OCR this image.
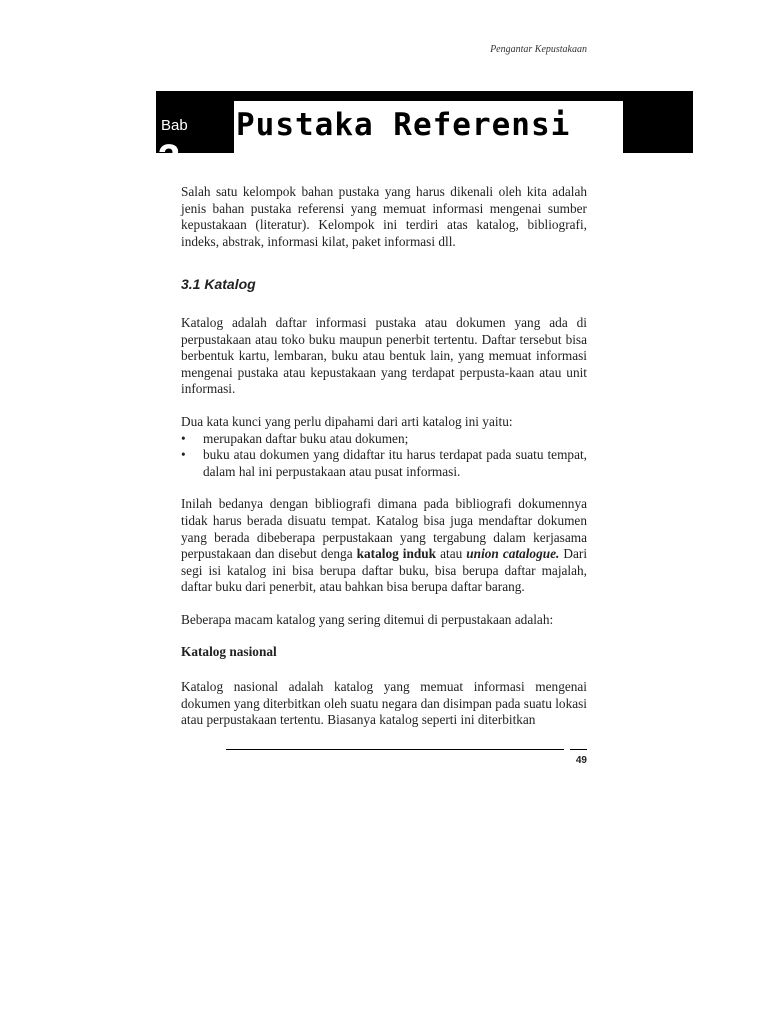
Pengantar Kepustakaan
Bab
3
Pustaka Referensi

Salah satu kelompok bahan pustaka yang harus dikenali oleh kita adalah jenis bahan pustaka referensi yang memuat informasi mengenai sumber kepustakaan (literatur). Kelompok ini terdiri atas katalog, bibliografi, indeks, abstrak, informasi kilat, paket informasi dll.

3.1 Katalog

Katalog adalah daftar informasi pustaka atau dokumen yang ada di perpustakaan atau toko buku maupun penerbit tertentu. Daftar tersebut bisa berbentuk kartu, lembaran, buku atau bentuk lain, yang memuat informasi mengenai pustaka atau kepustakaan yang terdapat perpusta-kaan atau unit informasi.

Dua kata kunci yang perlu dipahami dari arti katalog ini yaitu:

• merupakan daftar buku atau dokumen;
• buku atau dokumen yang didaftar itu harus terdapat pada suatu tempat, dalam hal ini perpustakaan atau pusat informasi.

Inilah bedanya dengan bibliografi dimana pada bibliografi dokumennya tidak harus berada disuatu tempat. Katalog bisa juga mendaftar dokumen yang berada dibeberapa perpustakaan yang tergabung dalam kerjasama perpustakaan dan disebut denga katalog induk atau union catalogue. Dari segi isi katalog ini bisa berupa daftar buku, bisa berupa daftar majalah, daftar buku dari penerbit, atau bahkan bisa berupa daftar barang.

Beberapa macam katalog yang sering ditemui di perpustakaan adalah:

Katalog nasional

Katalog nasional adalah katalog yang memuat informasi mengenai dokumen yang diterbitkan oleh suatu negara dan disimpan pada suatu lokasi atau perpustakaan tertentu. Biasanya katalog seperti ini diterbitkan

49
